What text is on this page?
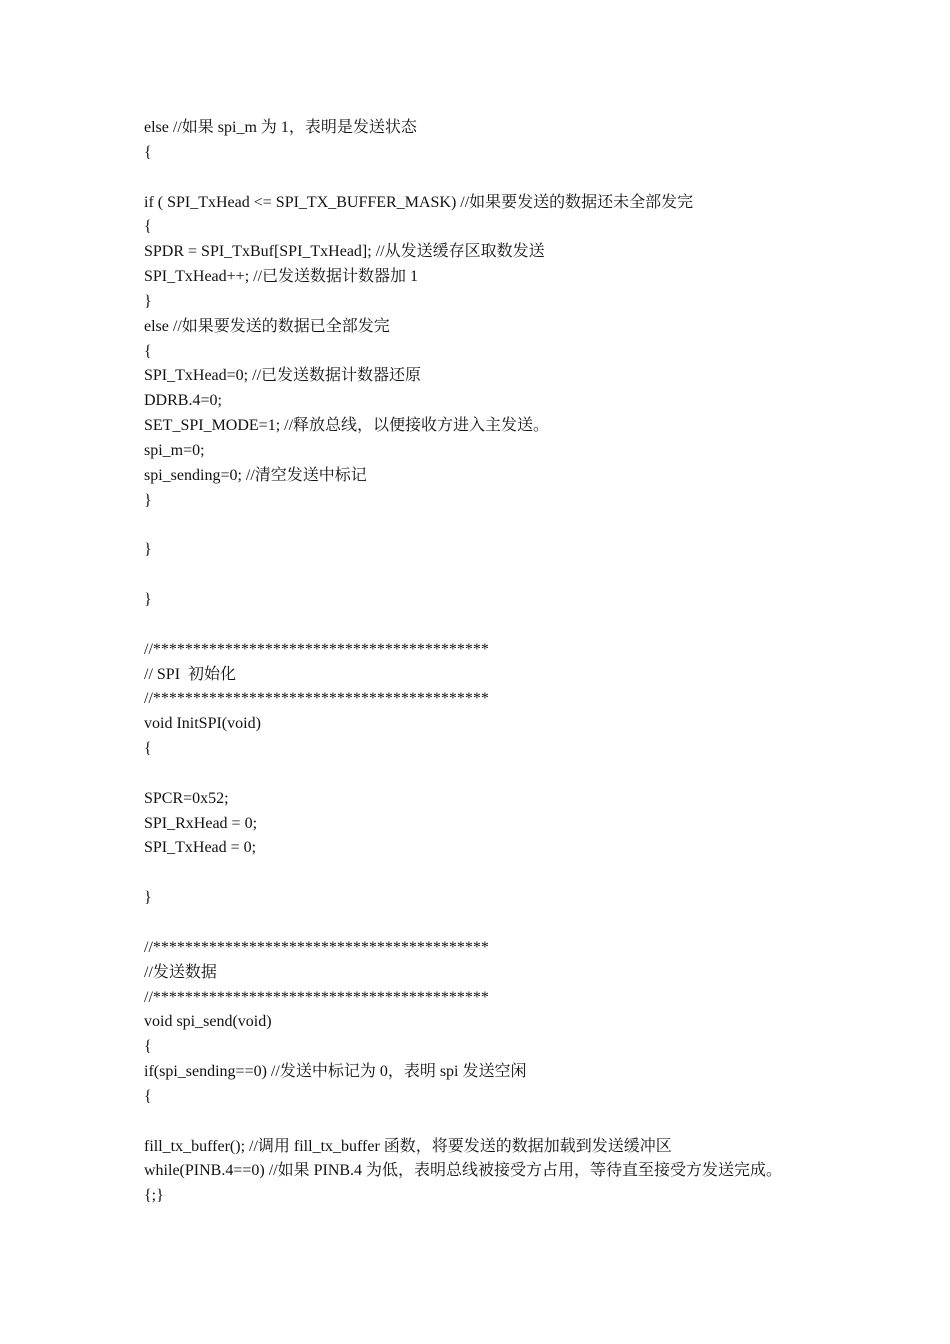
else //如果 spi_m 为 1，表明是发送状态
{
if ( SPI_TxHead <= SPI_TX_BUFFER_MASK) //如果要发送的数据还未全部发完
{
SPDR = SPI_TxBuf[SPI_TxHead]; //从发送缓存区取数发送
SPI_TxHead++; //已发送数据计数器加 1
}
else //如果要发送的数据已全部发完
{
SPI_TxHead=0; //已发送数据计数器还原
DDRB.4=0;
SET_SPI_MODE=1; //释放总线，以便接收方进入主发送。
spi_m=0;
spi_sending=0; //清空发送中标记
}
}
}
//******************************************
// SPI  初始化
//******************************************
void InitSPI(void)
{
SPCR=0x52;
SPI_RxHead = 0;
SPI_TxHead = 0;
}
//******************************************
//发送数据
//******************************************
void spi_send(void)
{
if(spi_sending==0) //发送中标记为 0，表明 spi 发送空闲
{
fill_tx_buffer(); //调用 fill_tx_buffer 函数，将要发送的数据加载到发送缓冲区
while(PINB.4==0) //如果 PINB.4 为低，表明总线被接受方占用，等待直至接受方发送完成。
{;}
